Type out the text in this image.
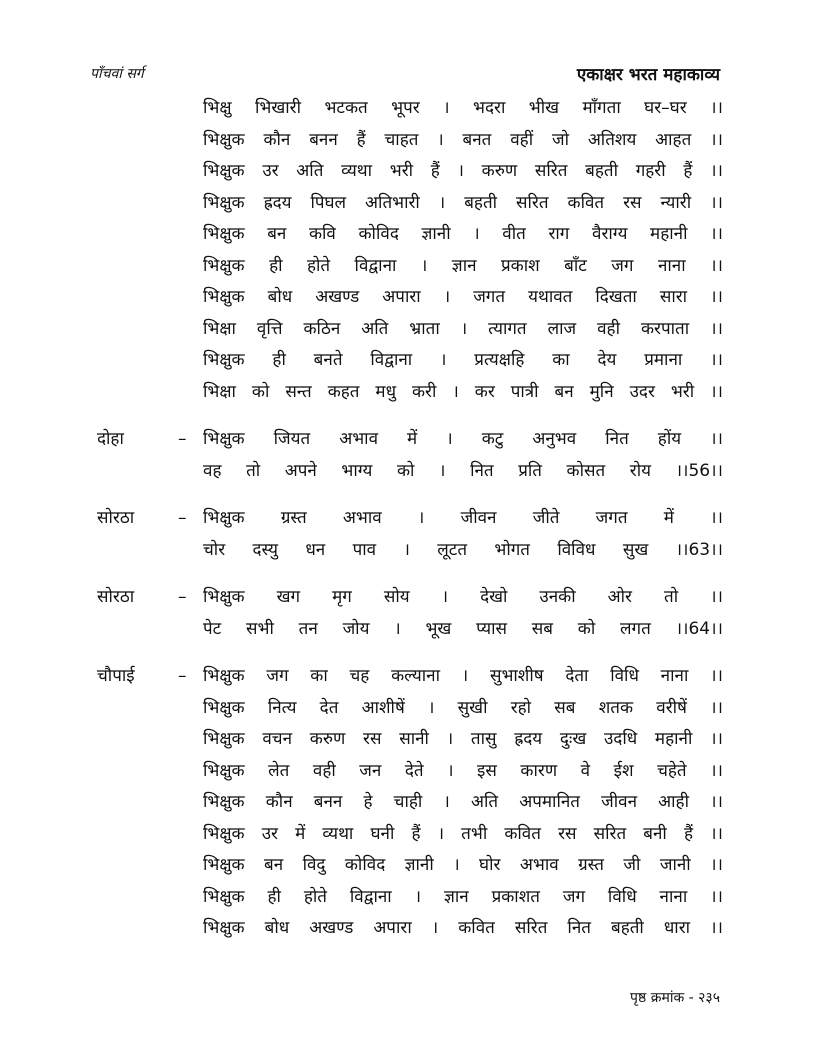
पाँचवां सर्ग	एकाक्षर भरत महाकाव्य
भिक्षु भिखारी भटकत भूपर । भदरा भीख माँगता घर–घर ।।
भिक्षुक कौन बनन हैं चाहत । बनत वहीं जो अतिशय आहत ।।
भिक्षुक उर अति व्यथा भरी हैं । करुण सरित बहती गहरी हैं ।।
भिक्षुक ह्रदय पिघल अतिभारी । बहती सरित कवित रस न्यारी ।।
भिक्षुक बन कवि कोविद ज्ञानी । वीत राग वैराग्य महानी ।।
भिक्षुक ही होते विद्वाना । ज्ञान प्रकाश बाँट जग नाना ।।
भिक्षुक बोध अखण्ड अपारा । जगत यथावत दिखता सारा ।।
भिक्षा वृत्ति कठिन अति भ्राता । त्यागत लाज वही करपाता ।।
भिक्षुक ही बनते विद्वाना । प्रत्यक्षहि का देय प्रमाना ।।
भिक्षा को सन्त कहत मधु करी । कर पात्री बन मुनि उदर भरी ।।
दोहा	– भिक्षुक जियत अभाव में । कटु अनुभव नित होंय ।।
वह तो अपने भाग्य को । नित प्रति कोसत रोय ।।56।।
सोरठा	– भिक्षुक ग्रस्त अभाव । जीवन जीते जगत में ।।
चोर दस्यु धन पाव । लूटत भोगत विविध सुख ।।63।।
सोरठा	– भिक्षुक खग मृग सोय । देखो उनकी ओर तो ।।
पेट सभी तन जोय । भूख प्यास सब को लगत ।।64।।
चौपाई	– भिक्षुक जग का चह कल्याना । सुभाशीष देता विधि नाना ।।
भिक्षुक नित्य देत आशीषें । सुखी रहो सब शतक वरीषें ।।
भिक्षुक वचन करुण रस सानी । तासु ह्रदय दुःख उदधि महानी ।।
भिक्षुक लेत वही जन देते । इस कारण वे ईश चहेते ।।
भिक्षुक कौन बनन हे चाही । अति अपमानित जीवन आही ।।
भिक्षुक उर में व्यथा घनी हैं । तभी कवित रस सरित बनी हैं ।।
भिक्षुक बन विदु कोविद ज्ञानी । घोर अभाव ग्रस्त जी जानी ।।
भिक्षुक ही होते विद्वाना । ज्ञान प्रकाशत जग विधि नाना ।।
भिक्षुक बोध अखण्ड अपारा । कवित सरित नित बहती धारा ।।
पृष्ठ क्रमांक - २३५
